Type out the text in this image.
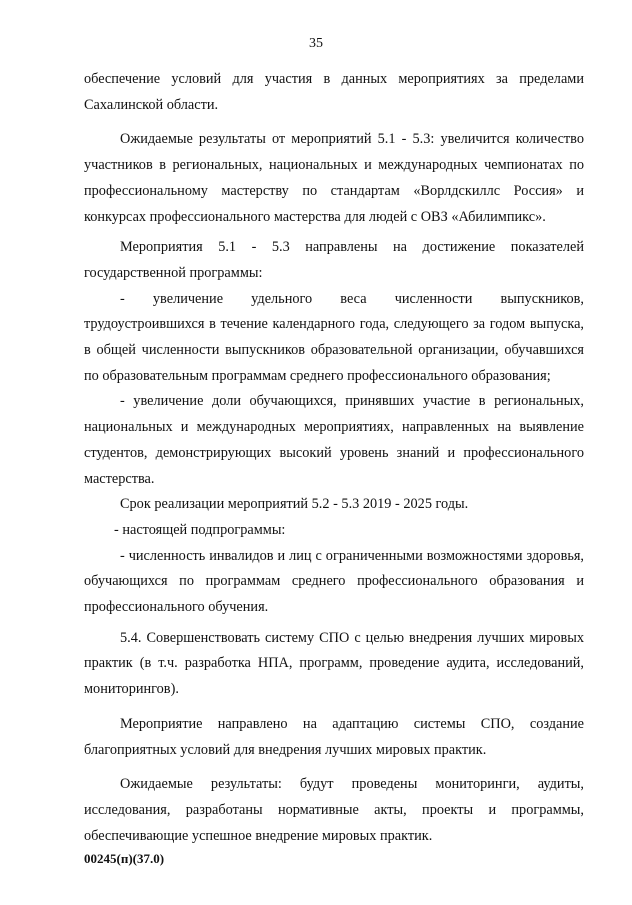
35

обеспечение условий для участия в данных мероприятиях за пределами Сахалинской области.

Ожидаемые результаты от мероприятий 5.1 - 5.3: увеличится количество участников в региональных, национальных и международных чемпионатах по профессиональному мастерству по стандартам «Ворлдскиллс Россия» и конкурсах профессионального мастерства для людей с ОВЗ «Абилимпикс».

Мероприятия 5.1 - 5.3 направлены на достижение показателей государственной программы:

- увеличение удельного веса численности выпускников, трудоустроившихся в течение календарного года, следующего за годом выпуска, в общей численности выпускников образовательной организации, обучавшихся по образовательным программам среднего профессионального образования;

- увеличение доли обучающихся, принявших участие в региональных, национальных и международных мероприятиях, направленных на выявление студентов, демонстрирующих высокий уровень знаний и профессионального мастерства.

Срок реализации мероприятий 5.2 - 5.3 2019 - 2025 годы.

- настоящей подпрограммы:

- численность инвалидов и лиц с ограниченными возможностями здоровья, обучающихся по программам среднего профессионального образования и профессионального обучения.

5.4. Совершенствовать систему СПО с целью внедрения лучших мировых практик (в т.ч. разработка НПА, программ, проведение аудита, исследований, мониторингов).

Мероприятие направлено на адаптацию системы СПО, создание благоприятных условий для внедрения лучших мировых практик.

Ожидаемые результаты: будут проведены мониторинги, аудиты, исследования, разработаны нормативные акты, проекты и программы, обеспечивающие успешное внедрение мировых практик.

00245(п)(37.0)
